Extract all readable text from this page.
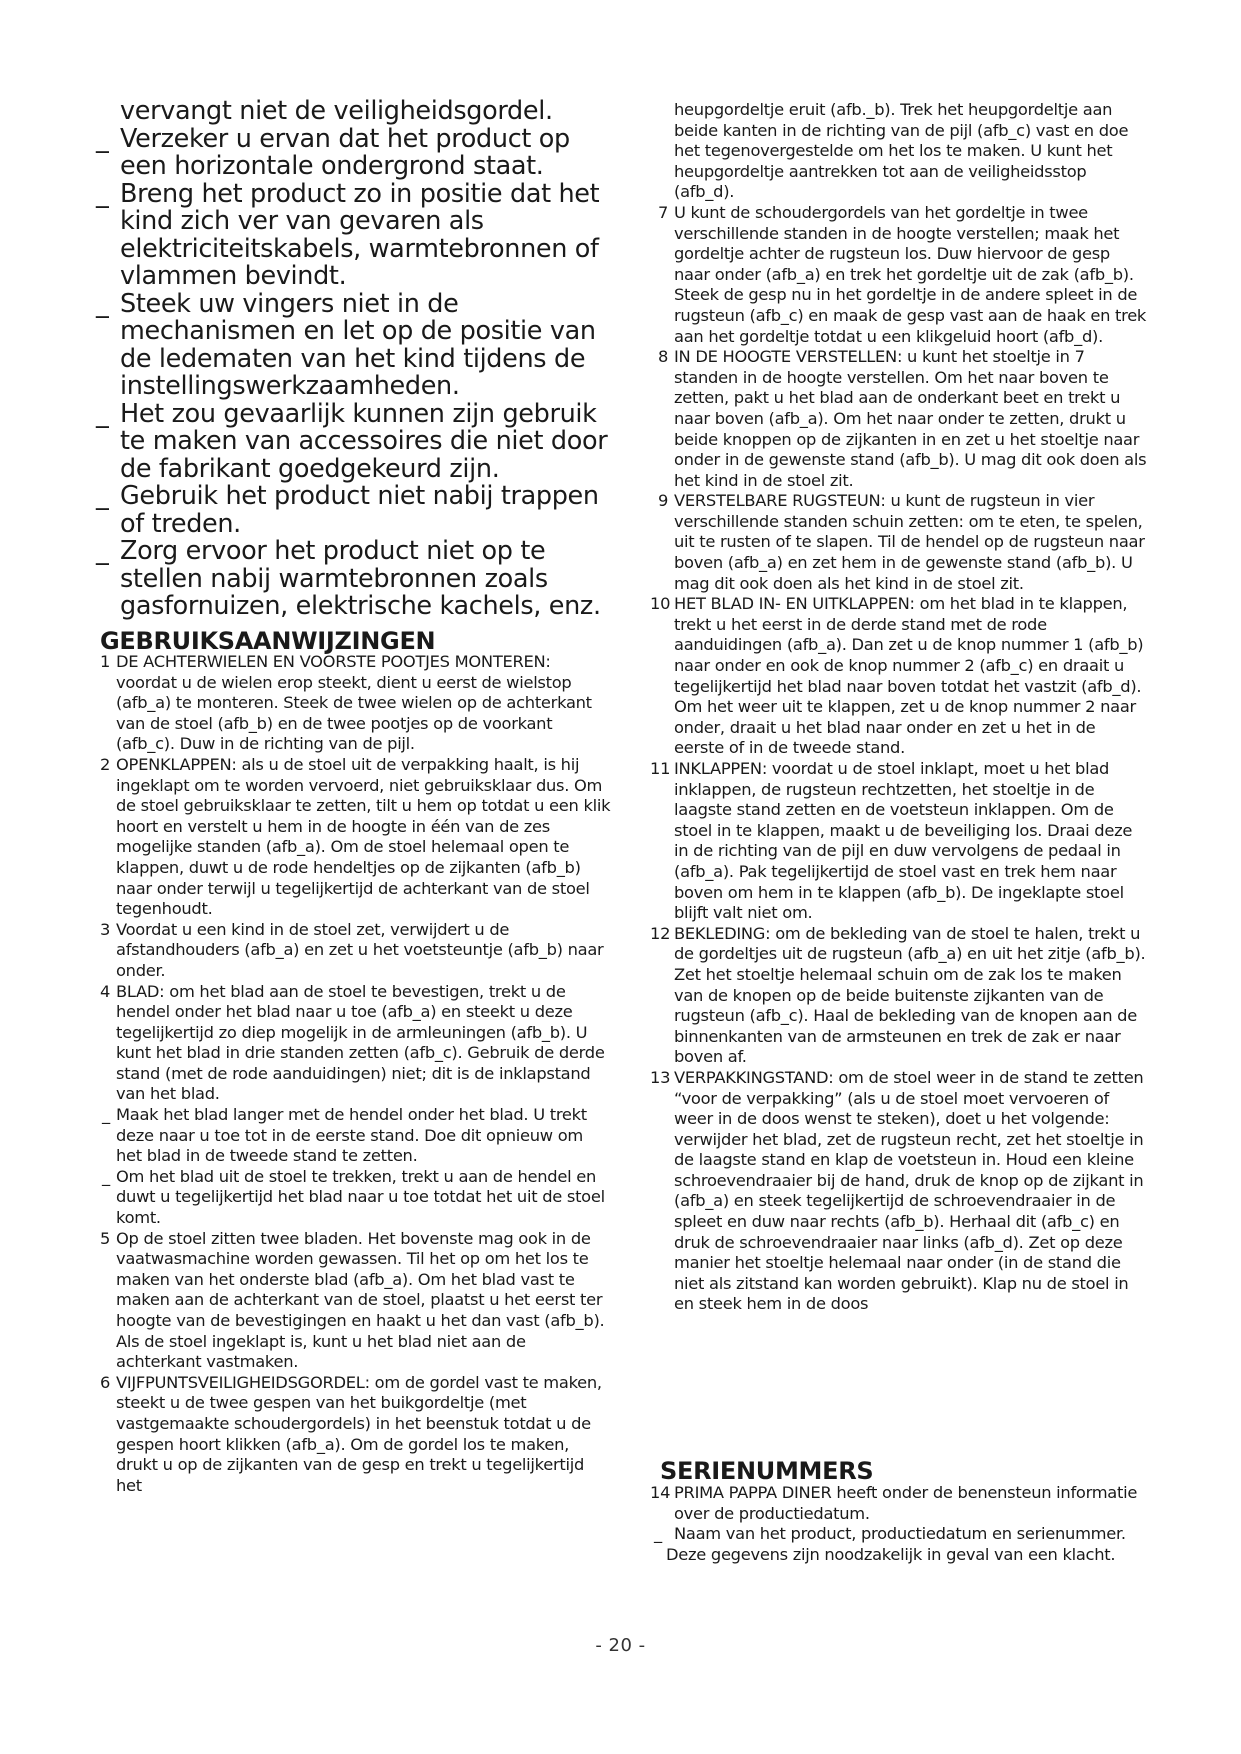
vervangt niet de veiligheidsgordel.
_ Verzeker u ervan dat het product op een horizontale ondergrond staat.
_ Breng het product zo in positie dat het kind zich ver van gevaren als elektriciteitskabels, warmtebronnen of vlammen bevindt.
_ Steek uw vingers niet in de mechanismen en let op de positie van de ledematen van het kind tijdens de instellingswerkzaamheden.
_ Het zou gevaarlijk kunnen zijn gebruik te maken van accessoires die niet door de fabrikant goedgekeurd zijn.
_ Gebruik het product niet nabij trappen of treden.
_ Zorg ervoor het product niet op te stellen nabij warmtebronnen zoals gasfornuizen, elektrische kachels, enz.
GEBRUIKSAANWIJZINGEN
1 DE ACHTERWIELEN EN VOORSTE POOTJES MONTEREN: voordat u de wielen erop steekt, dient u eerst de wielstop (afb_a) te monteren. Steek de twee wielen op de achterkant van de stoel (afb_b) en de twee pootjes op de voorkant (afb_c). Duw in de richting van de pijl.
2 OPENKLAPPEN: als u de stoel uit de verpakking haalt, is hij ingeklapt om te worden vervoerd, niet gebruiksklaar dus. Om de stoel gebruiksklaar te zetten, tilt u hem op totdat u een klik hoort en verstelt u hem in de hoogte in één van de zes mogelijke standen (afb_a). Om de stoel helemaal open te klappen, duwt u de rode hendeltjes op de zijkanten (afb_b) naar onder terwijl u tegelijkertijd de achterkant van de stoel tegenhoudt.
3 Voordat u een kind in de stoel zet, verwijdert u de afstandhouders (afb_a) en zet u het voetsteuntje (afb_b) naar onder.
4 BLAD: om het blad aan de stoel te bevestigen, trekt u de hendel onder het blad naar u toe (afb_a) en steekt u deze tegelijkertijd zo diep mogelijk in de armleuningen (afb_b). U kunt het blad in drie standen zetten (afb_c). Gebruik de derde stand (met de rode aanduidingen) niet; dit is de inklapstand van het blad.
_ Maak het blad langer met de hendel onder het blad. U trekt deze naar u toe tot in de eerste stand. Doe dit opnieuw om het blad in de tweede stand te zetten.
_ Om het blad uit de stoel te trekken, trekt u aan de hendel en duwt u tegelijkertijd het blad naar u toe totdat het uit de stoel komt.
5 Op de stoel zitten twee bladen. Het bovenste mag ook in de vaatwasmachine worden gewassen. Til het op om het los te maken van het onderste blad (afb_a). Om het blad vast te maken aan de achterkant van de stoel, plaatst u het eerst ter hoogte van de bevestigingen en haakt u het dan vast (afb_b). Als de stoel ingeklapt is, kunt u het blad niet aan de achterkant vastmaken.
6 VIJFPUNTSVEILIGHEIDSGORDEL: om de gordel vast te maken, steekt u de twee gespen van het buikgordeltje (met vastgemaakte schoudergordels) in het beenstuk totdat u de gespen hoort klikken (afb_a). Om de gordel los te maken, drukt u op de zijkanten van de gesp en trekt u tegelijkertijd het
heupgordeltje eruit (afb._b). Trek het heupgordeltje aan beide kanten in de richting van de pijl (afb_c) vast en doe het tegenovergestelde om het los te maken. U kunt het heupgordeltje aantrekken tot aan de veiligheidsstop (afb_d).
7 U kunt de schoudergordels van het gordeltje in twee verschillende standen in de hoogte verstellen; maak het gordeltje achter de rugsteun los. Duw hiervoor de gesp naar onder (afb_a) en trek het gordeltje uit de zak (afb_b). Steek de gesp nu in het gordeltje in de andere spleet in de rugsteun (afb_c) en maak de gesp vast aan de haak en trek aan het gordeltje totdat u een klikgeluid hoort (afb_d).
8 IN DE HOOGTE VERSTELLEN: u kunt het stoeltje in 7 standen in de hoogte verstellen. Om het naar boven te zetten, pakt u het blad aan de onderkant beet en trekt u naar boven (afb_a). Om het naar onder te zetten, drukt u beide knoppen op de zijkanten in en zet u het stoeltje naar onder in de gewenste stand (afb_b). U mag dit ook doen als het kind in de stoel zit.
9 VERSTELBARE RUGSTEUN: u kunt de rugsteun in vier verschillende standen schuin zetten: om te eten, te spelen, uit te rusten of te slapen. Til de hendel op de rugsteun naar boven (afb_a) en zet hem in de gewenste stand (afb_b). U mag dit ook doen als het kind in de stoel zit.
10 HET BLAD IN- EN UITKLAPPEN: om het blad in te klappen, trekt u het eerst in de derde stand met de rode aanduidingen (afb_a). Dan zet u de knop nummer 1 (afb_b) naar onder en ook de knop nummer 2 (afb_c) en draait u tegelijkertijd het blad naar boven totdat het vastzit (afb_d). Om het weer uit te klappen, zet u de knop nummer 2 naar onder, draait u het blad naar onder en zet u het in de eerste of in de tweede stand.
11 INKLAPPEN: voordat u de stoel inklapt, moet u het blad inklappen, de rugsteun rechtzetten, het stoeltje in de laagste stand zetten en de voetsteun inklappen. Om de stoel in te klappen, maakt u de beveiliging los. Draai deze in de richting van de pijl en duw vervolgens de pedaal in (afb_a). Pak tegelijkertijd de stoel vast en trek hem naar boven om hem in te klappen (afb_b). De ingeklapte stoel blijft valt niet om.
12 BEKLEDING: om de bekleding van de stoel te halen, trekt u de gordeltjes uit de rugsteun (afb_a) en uit het zitje (afb_b). Zet het stoeltje helemaal schuin om de zak los te maken van de knopen op de beide buitenste zijkanten van de rugsteun (afb_c). Haal de bekleding van de knopen aan de binnenkanten van de armsteunen en trek de zak er naar boven af.
13 VERPAKKINGSTAND: om de stoel weer in de stand te zetten “voor de verpakking” (als u de stoel moet vervoeren of weer in de doos wenst te steken), doet u het volgende: verwijder het blad, zet de rugsteun recht, zet het stoeltje in de laagste stand en klap de voetsteun in. Houd een kleine schroevendraaier bij de hand, druk de knop op de zijkant in (afb_a) en steek tegelijkertijd de schroevendraaier in de spleet en duw naar rechts (afb_b). Herhaal dit (afb_c) en druk de schroevendraaier naar links (afb_d). Zet op deze manier het stoeltje helemaal naar onder (in de stand die niet als zitstand kan worden gebruikt). Klap nu de stoel in en steek hem in de doos
SERIENUMMERS
14 PRIMA PAPPA DINER heeft onder de benensteun informatie over de productiedatum.
_ Naam van het product, productiedatum en serienummer.
Deze gegevens zijn noodzakelijk in geval van een klacht.
- 20 -
